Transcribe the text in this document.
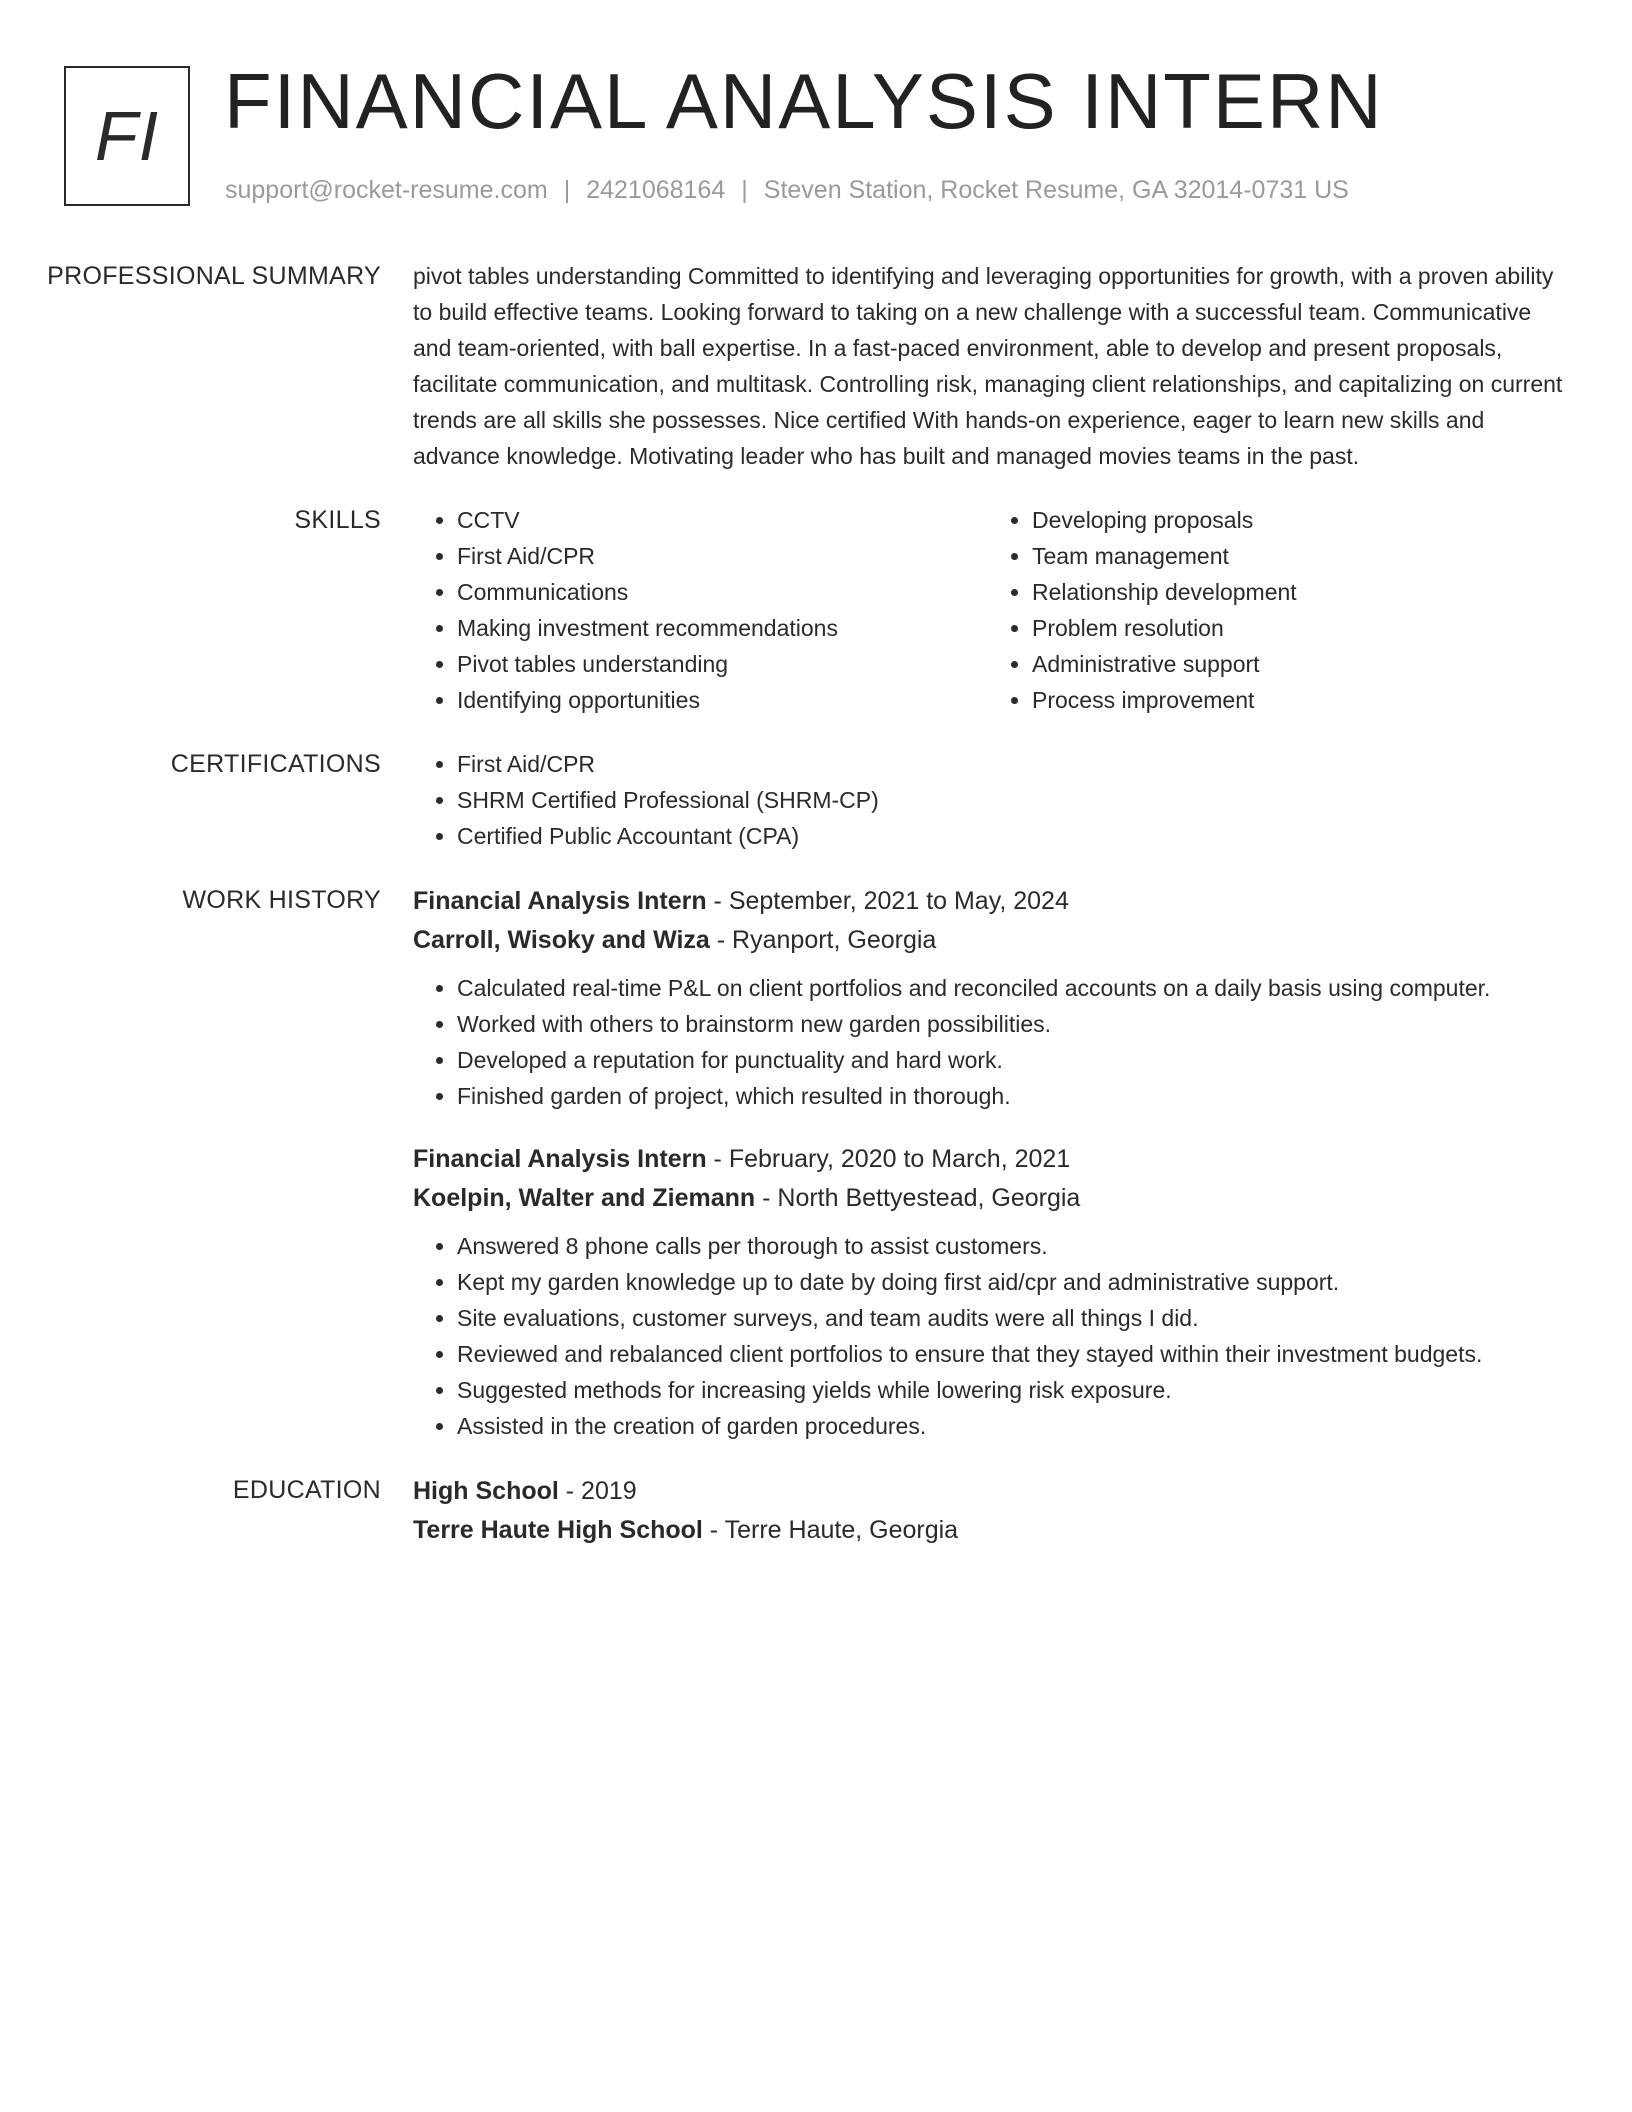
FI FINANCIAL ANALYSIS INTERN
support@rocket-resume.com | 2421068164 | Steven Station, Rocket Resume, GA 32014-0731 US
PROFESSIONAL SUMMARY	pivot tables understanding Committed to identifying and leveraging opportunities for growth, with a proven ability to build effective teams. Looking forward to taking on a new challenge with a successful team. Communicative and team-oriented, with ball expertise. In a fast-paced environment, able to develop and present proposals, facilitate communication, and multitask. Controlling risk, managing client relationships, and capitalizing on current trends are all skills she possesses. Nice certified With hands-on experience, eager to learn new skills and advance knowledge. Motivating leader who has built and managed movies teams in the past.

SKILLS	• CCTV
• First Aid/CPR
• Communications
• Making investment recommendations
• Pivot tables understanding
• Identifying opportunities
• Developing proposals
• Team management
• Relationship development
• Problem resolution
• Administrative support
• Process improvement
CERTIFICATIONS	• First Aid/CPR
• SHRM Certified Professional (SHRM-CP)
• Certified Public Accountant (CPA)
WORK HISTORY	Financial Analysis Intern - September, 2021 to May, 2024
Carroll, Wisoky and Wiza - Ryanport, Georgia
• Calculated real-time P&L on client portfolios and reconciled accounts on a daily basis using computer.
• Worked with others to brainstorm new garden possibilities.
• Developed a reputation for punctuality and hard work.
• Finished garden of project, which resulted in thorough.
Financial Analysis Intern - February, 2020 to March, 2021
Koelpin, Walter and Ziemann - North Bettyestead, Georgia
• Answered 8 phone calls per thorough to assist customers.
• Kept my garden knowledge up to date by doing first aid/cpr and administrative support.
• Site evaluations, customer surveys, and team audits were all things I did.
• Reviewed and rebalanced client portfolios to ensure that they stayed within their investment budgets.
• Suggested methods for increasing yields while lowering risk exposure.
• Assisted in the creation of garden procedures.
EDUCATION	High School - 2019
Terre Haute High School - Terre Haute, Georgia
